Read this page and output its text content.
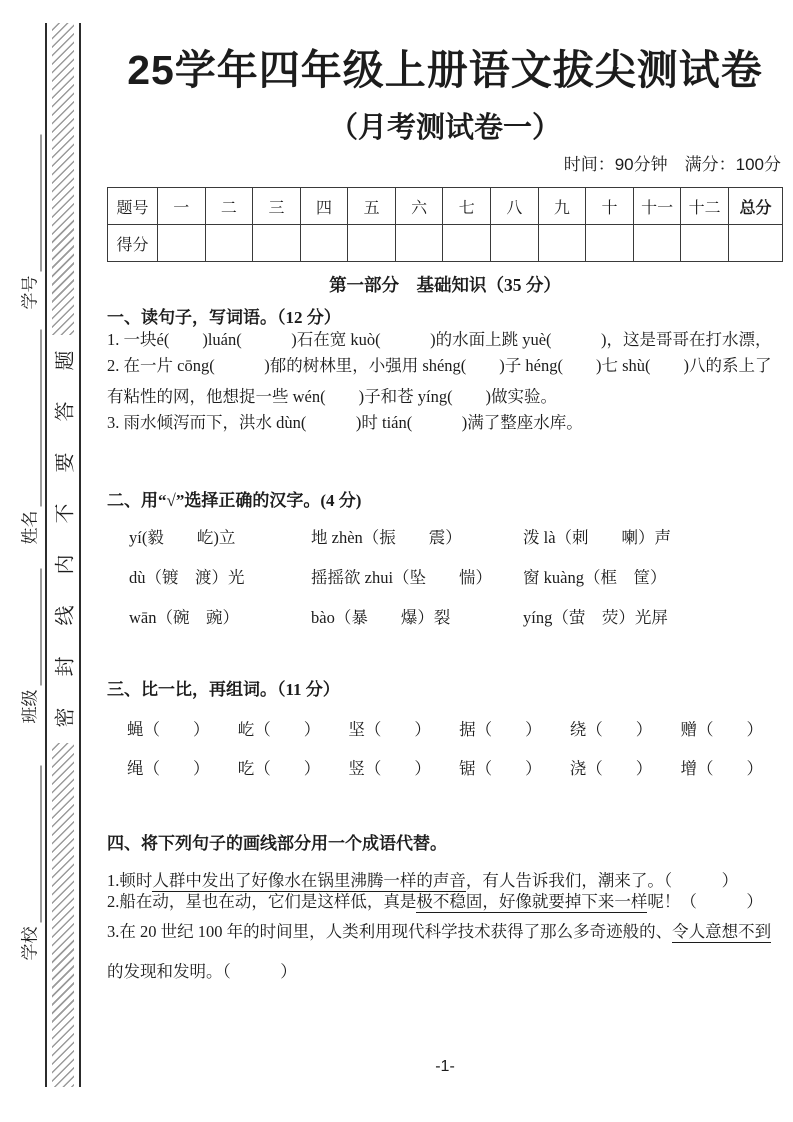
学号
姓名
班级
学校
题
答
要
不
内
线
封
密
25学年四年级上册语文拔尖测试卷
（月考测试卷一）
时间：90分钟　满分：100分
题号	一	二	三	四	五	六	七	八	九	十	十一	十二	总分
得分													
第一部分　基础知识（35 分）
一、读句子，写词语。（12 分）

1. 一块é(　　)luán(　　　)石在宽 kuò(　　　)的水面上跳 yuè(　　　)，这是哥哥在打水漂，

2. 在一片 cōng(　　　)郁的树林里，小强用 shéng(　　)子 héng(　　)七 shù(　　)八的系上了有粘性的网，他想捉一些 wén(　　)子和苍 yíng(　　)做实验。

3. 雨水倾泻而下，洪水 dùn(　　　)时 tián(　　　)满了整座水库。

二、用“√”选择正确的汉字。(4 分)
yí(毅　　屹)立	地 zhèn（振　　震）	泼 là（刺　　喇）声
dù（镀　渡）光	摇摇欲 zhui（坠　　惴）	窗 kuàng（框　筐）
wān（碗　豌）	bào（暴　　爆）裂	yíng（萤　荧）光屏
三、比一比，再组词。（11 分）
蝇（　　） 屹（　　） 坚（　　） 据（　　） 绕（　　） 赠（　　）
绳（　　） 吃（　　） 竖（　　） 锯（　　） 浇（　　） 增（　　）
四、将下列句子的画线部分用一个成语代替。

1.顿时人群中发出了好像水在锅里沸腾一样的声音，有人告诉我们，潮来了。（　　　）

2.船在动，星也在动，它们是这样低，真是极不稳固，好像就要掉下来一样呢！（　　　）

3.在 20 世纪 100 年的时间里，人类利用现代科学技术获得了那么多奇迹般的、令人意想不到的发现和发明。（　　　）

-1-
